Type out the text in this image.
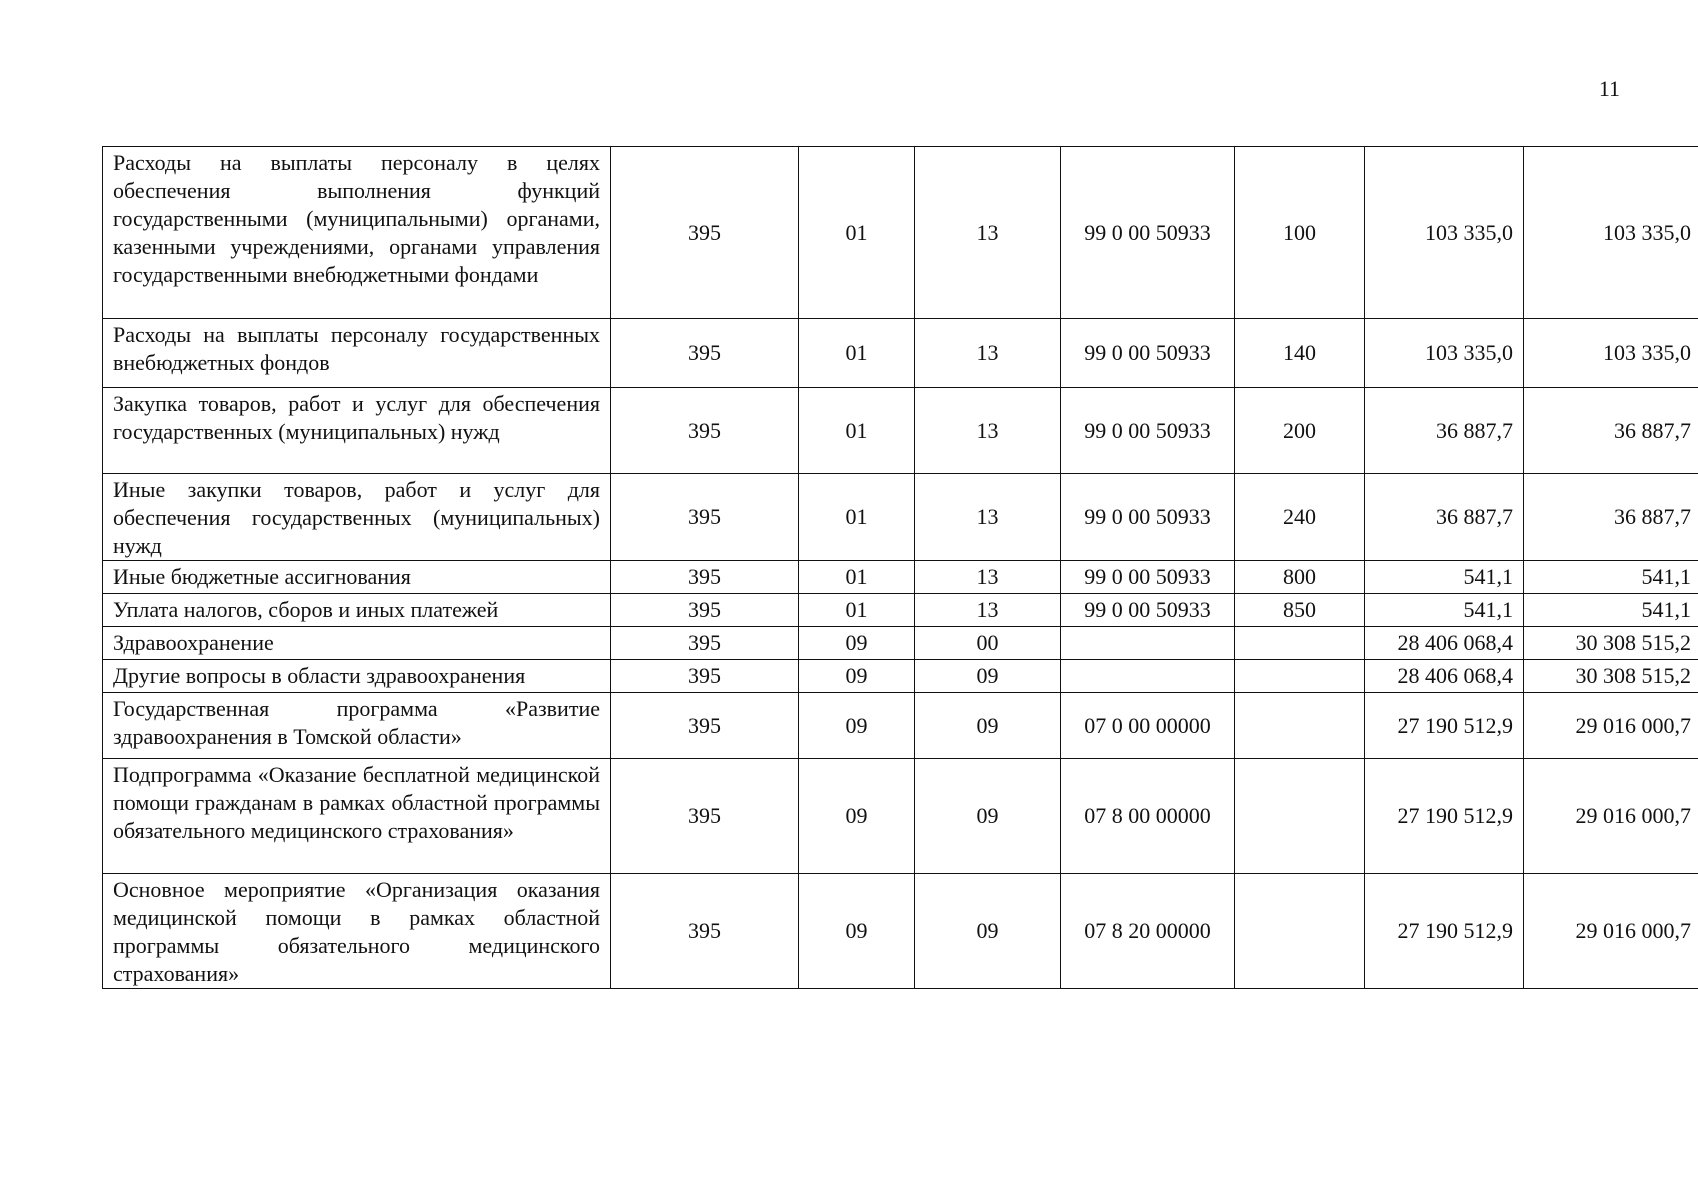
11
Расходы на выплаты персоналу в целях обеспечения выполнения функций государственными (муниципальными) органами, казенными учреждениями, органами управления государственными внебюджетными фондами	395	01	13	99 0 00 50933	100	103 335,0	103 335,0
Расходы на выплаты персоналу государственных внебюджетных фондов	395	01	13	99 0 00 50933	140	103 335,0	103 335,0
Закупка товаров, работ и услуг для обеспечения государственных (муниципальных) нужд	395	01	13	99 0 00 50933	200	36 887,7	36 887,7
Иные закупки товаров, работ и услуг для обеспечения государственных (муниципальных) нужд	395	01	13	99 0 00 50933	240	36 887,7	36 887,7
Иные бюджетные ассигнования	395	01	13	99 0 00 50933	800	541,1	541,1
Уплата налогов, сборов и иных платежей	395	01	13	99 0 00 50933	850	541,1	541,1
Здравоохранение	395	09	00			28 406 068,4	30 308 515,2
Другие вопросы в области здравоохранения	395	09	09			28 406 068,4	30 308 515,2
Государственная программа «Развитие здравоохранения в Томской области»	395	09	09	07 0 00 00000		27 190 512,9	29 016 000,7
Подпрограмма «Оказание бесплатной медицинской помощи гражданам в рамках областной программы обязательного медицинского страхования»	395	09	09	07 8 00 00000		27 190 512,9	29 016 000,7
Основное мероприятие «Организация оказания медицинской помощи в рамках областной программы обязательного медицинского страхования»	395	09	09	07 8 20 00000		27 190 512,9	29 016 000,7
